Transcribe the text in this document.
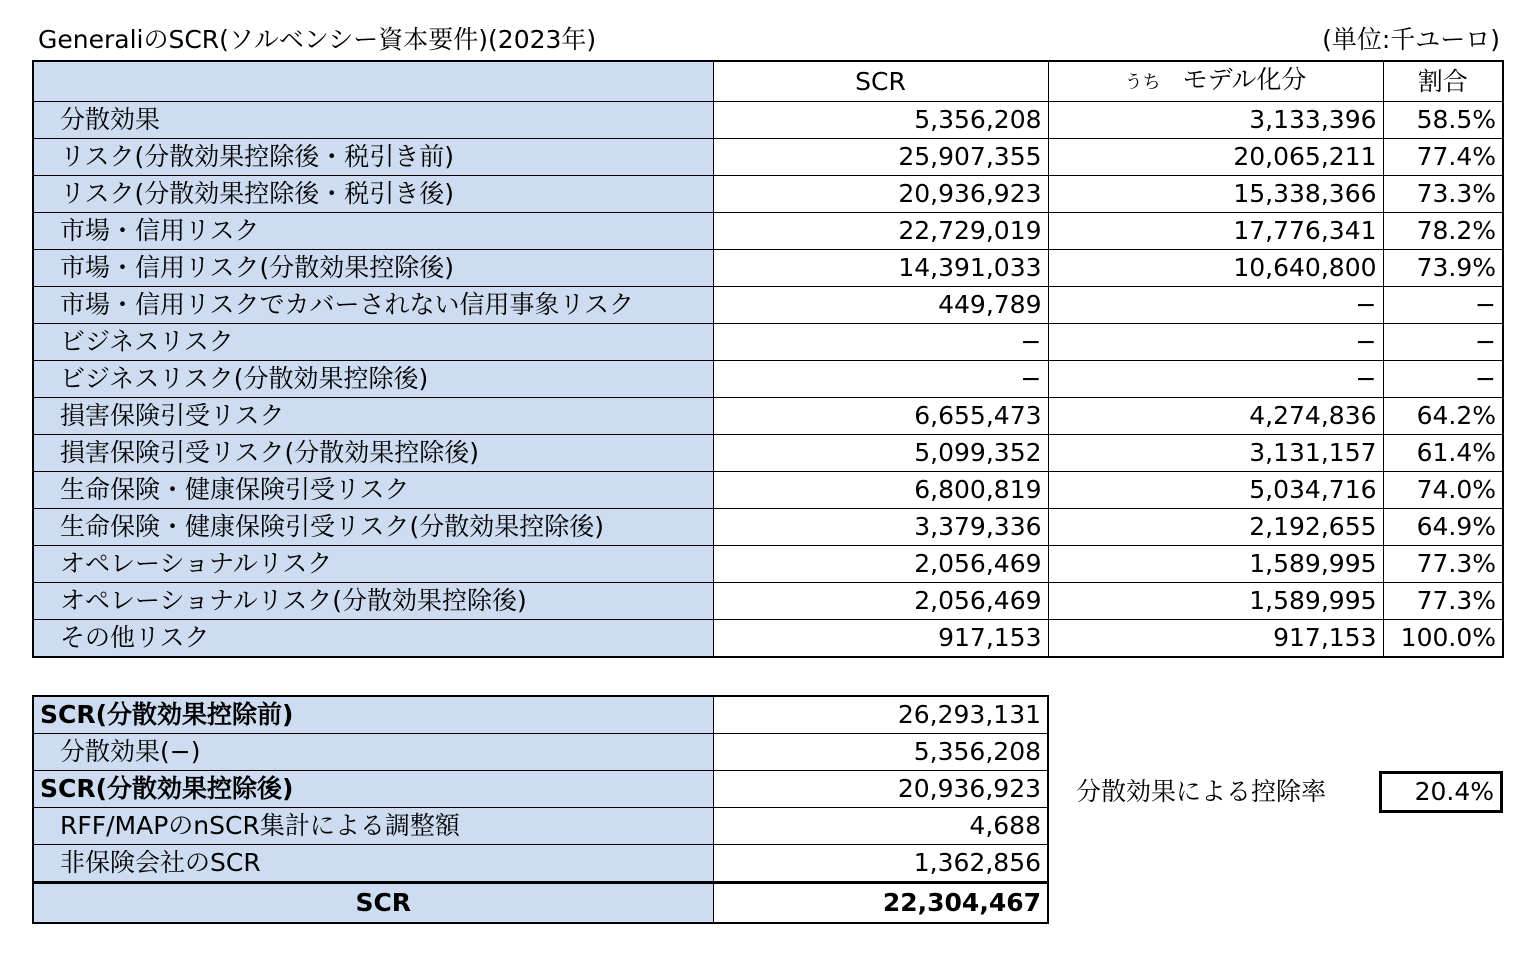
GeneraliのSCR(ソルベンシー資本要件)(2023年)	(単位:千ユーロ)
	SCR	うち モデル化分	割合
分散効果	5,356,208	3,133,396	58.5%
リスク(分散効果控除後・税引き前)	25,907,355	20,065,211	77.4%
リスク(分散効果控除後・税引き後)	20,936,923	15,338,366	73.3%
市場・信用リスク	22,729,019	17,776,341	78.2%
市場・信用リスク(分散効果控除後)	14,391,033	10,640,800	73.9%
市場・信用リスクでカバーされない信用事象リスク	449,789	−	−
ビジネスリスク	−	−	−
ビジネスリスク(分散効果控除後)	−	−	−
損害保険引受リスク	6,655,473	4,274,836	64.2%
損害保険引受リスク(分散効果控除後)	5,099,352	3,131,157	61.4%
生命保険・健康保険引受リスク	6,800,819	5,034,716	74.0%
生命保険・健康保険引受リスク(分散効果控除後)	3,379,336	2,192,655	64.9%
オペレーショナルリスク	2,056,469	1,589,995	77.3%
オペレーショナルリスク(分散効果控除後)	2,056,469	1,589,995	77.3%
その他リスク	917,153	917,153	100.0%
SCR(分散効果控除前)	26,293,131
分散効果(−)	5,356,208
SCR(分散効果控除後)	20,936,923
RFF/MAPのnSCR集計による調整額	4,688
非保険会社のSCR	1,362,856
SCR	22,304,467
分散効果による控除率	20.4%
